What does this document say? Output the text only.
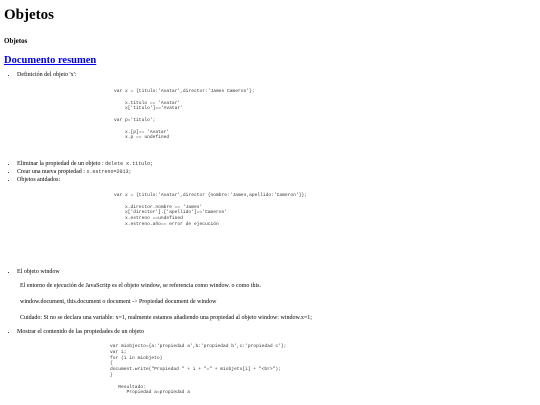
Objetos
Objetos
Documento resumen
• Definición del objeto 'x':
var x = {titulo:'Avatar',director:'James Cameron'};

x.titulo == 'Avatar'
x['titulo']=='Avatar'

var p='titulo';

x.[p]== 'Avatar'
x.p == undefined
• Eliminar la propiedad de un objeto : delete x.titulo;
• Crear una nueva propiedad : x.estreno=2013;
• Objetos anidados:
var x = {titulo:'Avatar',director {nombre:'James,apellido:'Cameron'}};

x.director.nombre == 'James'
x['director'].['apellido']=='Cameron'
x.estreno ==undefined
x.estreno.año== error de ejecución
• El objeto window

El entorno de ejecución de JavaScritp es el objeto window, se referencia como window. o como this.

window.document, this.document o document -> Propiedad document de window

Cuidado: Si no se declara una variable: x=1, realmente estamos añadiendo una propiedad al objeto window: window.x=1;

• Mostrar el contenido de las propiedades de un objeto
var miobjecto={a:'propiedad a',b:'propiedad b',c:'propiedad c'};
var i;
for (i in miobjeto)
{
document.write("Propiedad " + i + "=" + miobjeto[i] + "<br>");
}

Resultado:
Propiedad a=propiedad a
